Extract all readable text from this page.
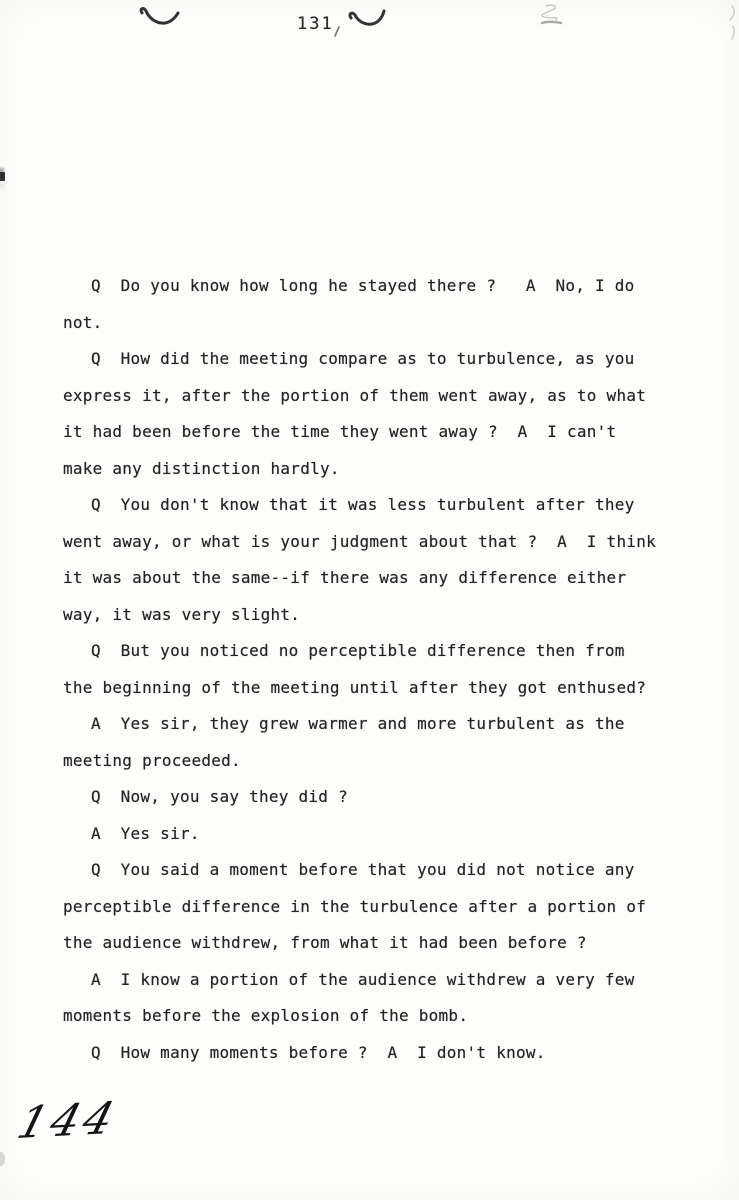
131
Q  Do you know how long he stayed there ?   A  No, I do
not.
Q  How did the meeting compare as to turbulence, as you
express it, after the portion of them went away, as to what
it had been before the time they went away ?  A  I can't
make any distinction hardly.
Q  You don't know that it was less turbulent after they
went away, or what is your judgment about that ?  A  I think
it was about the same--if there was any difference either
way, it was very slight.
Q  But you noticed no perceptible difference then from
the beginning of the meeting until after they got enthused?
A  Yes sir, they grew warmer and more turbulent as the
meeting proceeded.
Q  Now, you say they did ?
A  Yes sir.
Q  You said a moment before that you did not notice any
perceptible difference in the turbulence after a portion of
the audience withdrew, from what it had been before ?
A  I know a portion of the audience withdrew a very few
moments before the explosion of the bomb.
Q  How many moments before ?  A  I don't know.
144
